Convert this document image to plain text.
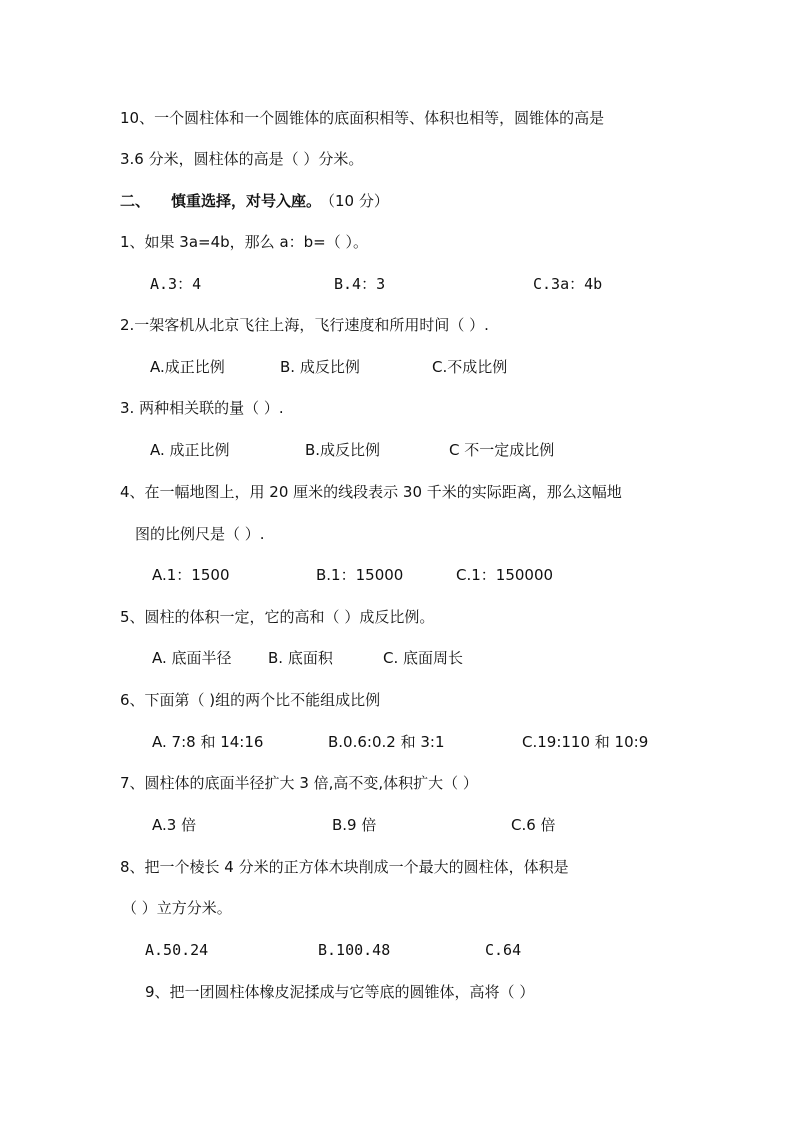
10、一个圆柱体和一个圆锥体的底面积相等、体积也相等，圆锥体的高是
3.6 分米，圆柱体的高是（ ）分米。
二、 慎重选择，对号入座。
（10 分）
1、如果 3a=4b，那么 a：b=（ ）。
A.3：4	B.4：3	C.3a：4b
2.一架客机从北京飞往上海，飞行速度和所用时间（ ）.
A.成正比例	B. 成反比例	C.不成比例
3. 两种相关联的量（ ）.
A. 成正比例	B.成反比例	C 不一定成比例
4、在一幅地图上，用 20 厘米的线段表示 30 千米的实际距离，那么这幅地
图的比例尺是（ ）.
A.1：1500	B.1：15000	C.1：150000
5、圆柱的体积一定，它的高和（ ）成反比例。
A. 底面半径 B. 底面积	C. 底面周长
6、下面第（ )组的两个比不能组成比例
A. 7:8 和 14:16	B.0.6:0.2 和 3:1	C.19:110 和 10:9
7、圆柱体的底面半径扩大 3 倍,高不变,体积扩大（ ）
A.3 倍	B.9 倍	C.6 倍
8、把一个棱长 4 分米的正方体木块削成一个最大的圆柱体，体积是
（ ）立方分米。
A.50.24	B.100.48	C.64
9、把一团圆柱体橡皮泥揉成与它等底的圆锥体，高将（ ）
